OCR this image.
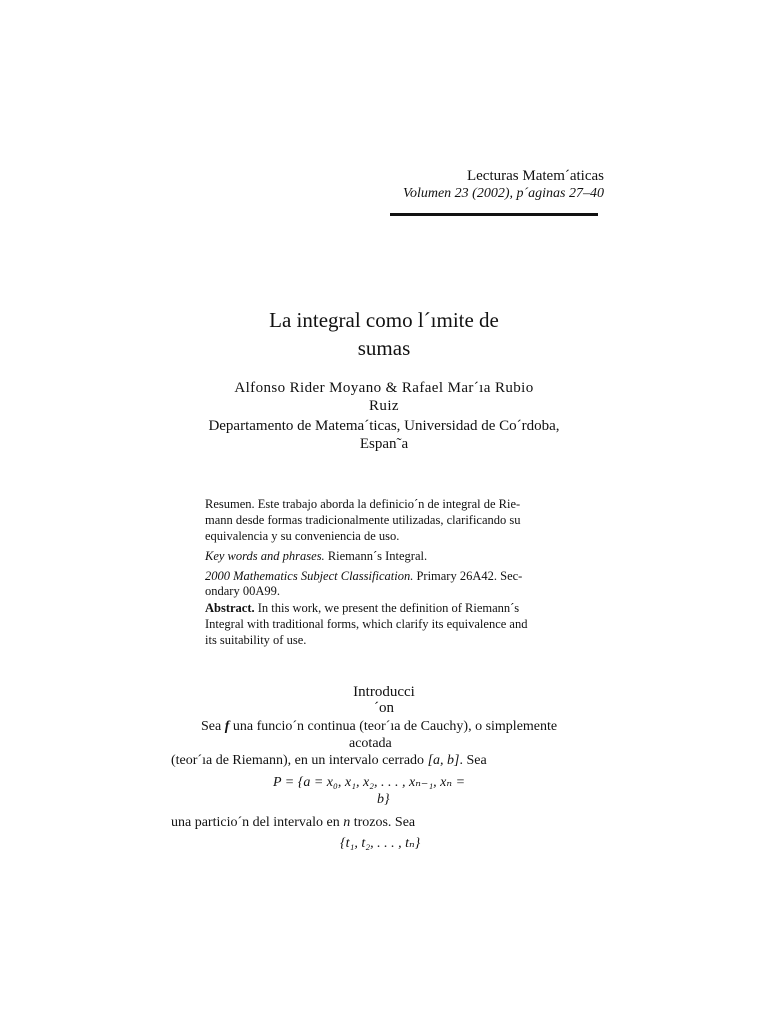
Lecturas Matem´aticas
Volumen 23 (2002), p´aginas 27–40
La integral como l´ımite de
sumas
Alfonso Rider Moyano & Rafael Mar´ıa Rubio
Ruiz
Departamento de Matema´ticas, Universidad de Co´rdoba,
Espan˜a
Resumen. Este trabajo aborda la definicio´n de integral de Rie-
mann desde formas tradicionalmente utilizadas, clarificando su
equivalencia y su conveniencia de uso.
Key words and phrases. Riemann´s Integral.
2000 Mathematics Subject Classification. Primary 26A42. Sec-
ondary 00A99.
Abstract. In this work, we present the definition of Riemann´s
Integral with traditional forms, which clarify its equivalence and
its suitability of use.
Introducci
´on
Sea f una funcio´n continua (teor´ıa de Cauchy), o simplemente
acotada
(teor´ıa de Riemann), en un intervalo cerrado [a, b]. Sea
P = {a = x₀, x₁, x₂, . . . , xₙ₋₁, xₙ =
b}
una particio´n del intervalo en n trozos. Sea
{t₁, t₂, . . . , tₙ}
